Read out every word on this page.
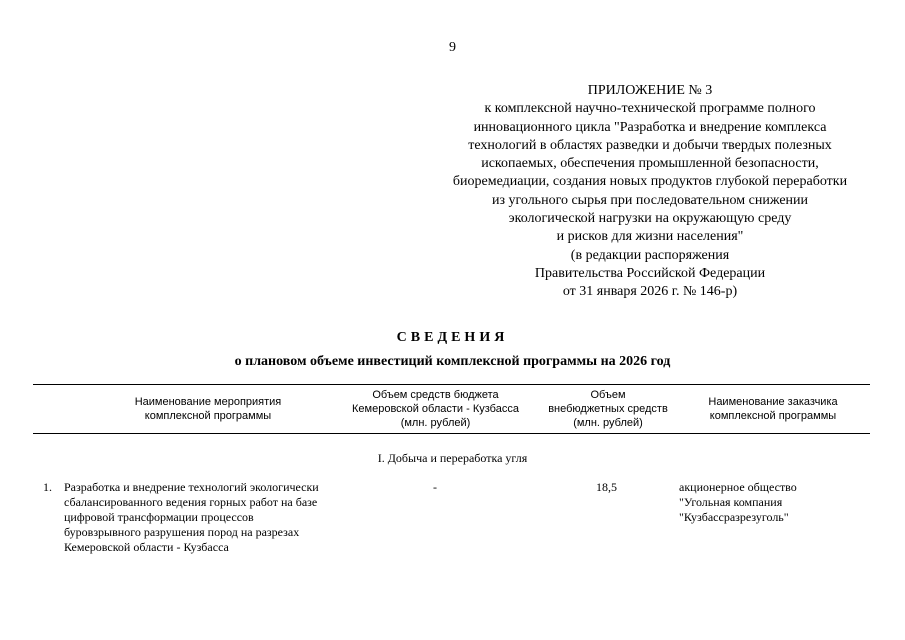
9
ПРИЛОЖЕНИЕ № 3
к комплексной научно-технической программе полного
инновационного цикла "Разработка и внедрение комплекса
технологий в областях разведки и добычи твердых полезных
ископаемых, обеспечения промышленной безопасности,
биоремедиации, создания новых продуктов глубокой переработки
из угольного сырья при последовательном снижении
экологической нагрузки на окружающую среду
и рисков для жизни населения"
(в редакции распоряжения
Правительства Российской Федерации
от 31 января 2026 г. № 146-р)
СВЕДЕНИЯ
о плановом объеме инвестиций комплексной программы на 2026 год
Наименование мероприятия
комплексной программы
Объем средств бюджета
Кемеровской области - Кузбасса
(млн. рублей)
Объем
внебюджетных средств
(млн. рублей)
Наименование заказчика
комплексной программы
I. Добыча и переработка угля
1. Разработка и внедрение технологий экологически
сбалансированного ведения горных работ на базе
цифровой трансформации процессов
буровзрывного разрушения пород на разрезах
Кемеровской области - Кузбасса
-	18,5	акционерное общество
"Угольная компания
"Кузбассразрезуголь"
